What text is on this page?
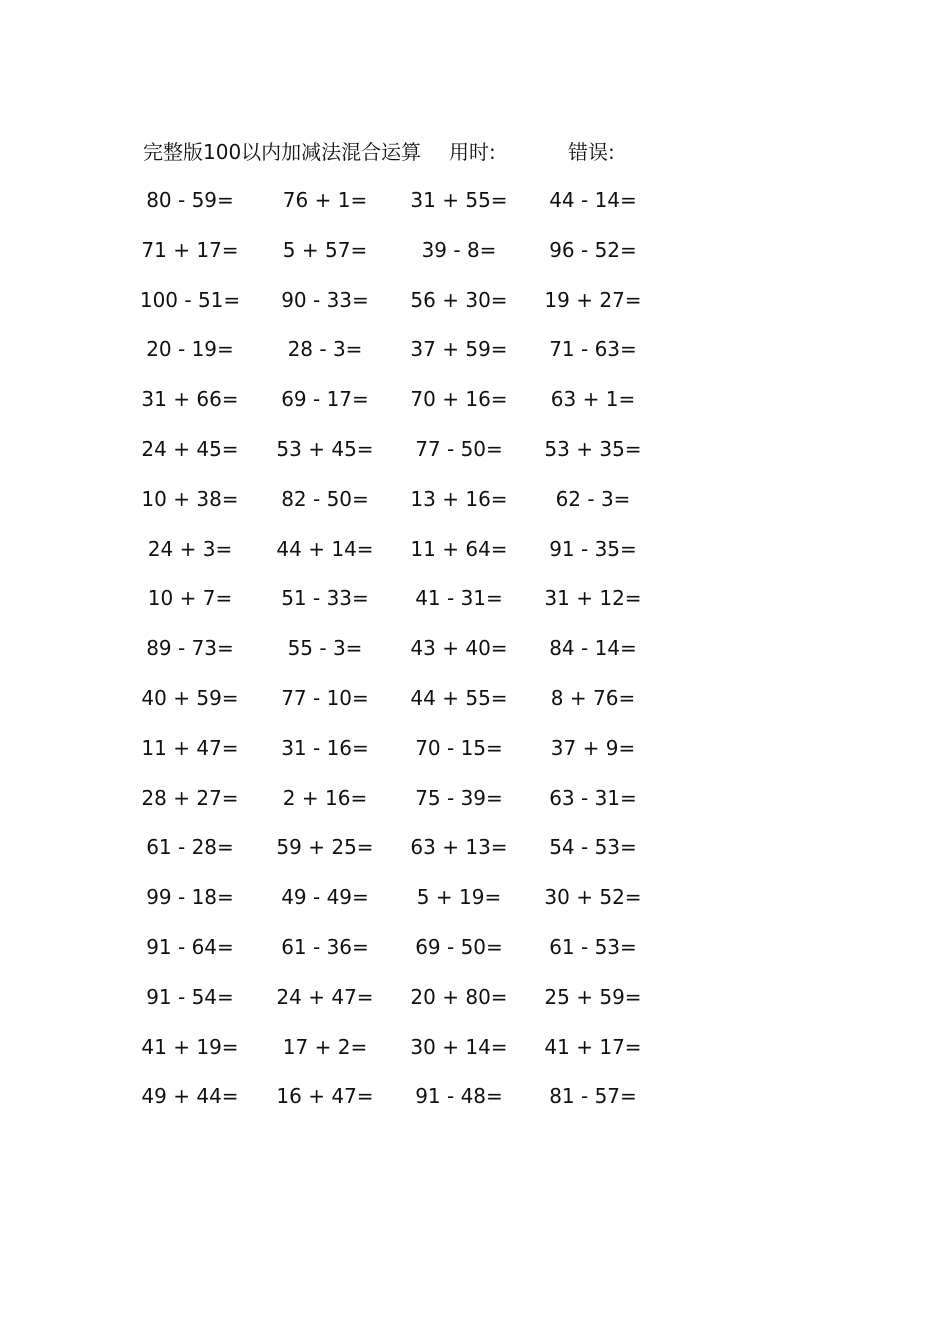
完整版100以内加减法混合运算 用时:	错误:
80 - 59=	76 + 1=	31 + 55=	44 - 14=
71 + 17=	5 + 57=	39 - 8=	96 - 52=
100 - 51=	90 - 33=	56 + 30=	19 + 27=
20 - 19=	28 - 3=	37 + 59=	71 - 63=
31 + 66=	69 - 17=	70 + 16=	63 + 1=
24 + 45=	53 + 45=	77 - 50=	53 + 35=
10 + 38=	82 - 50=	13 + 16=	62 - 3=
24 + 3=	44 + 14=	11 + 64=	91 - 35=
10 + 7=	51 - 33=	41 - 31=	31 + 12=
89 - 73=	55 - 3=	43 + 40=	84 - 14=
40 + 59=	77 - 10=	44 + 55=	8 + 76=
11 + 47=	31 - 16=	70 - 15=	37 + 9=
28 + 27=	2 + 16=	75 - 39=	63 - 31=
61 - 28=	59 + 25=	63 + 13=	54 - 53=
99 - 18=	49 - 49=	5 + 19=	30 + 52=
91 - 64=	61 - 36=	69 - 50=	61 - 53=
91 - 54=	24 + 47=	20 + 80=	25 + 59=
41 + 19=	17 + 2=	30 + 14=	41 + 17=
49 + 44=	16 + 47=	91 - 48=	81 - 57=
